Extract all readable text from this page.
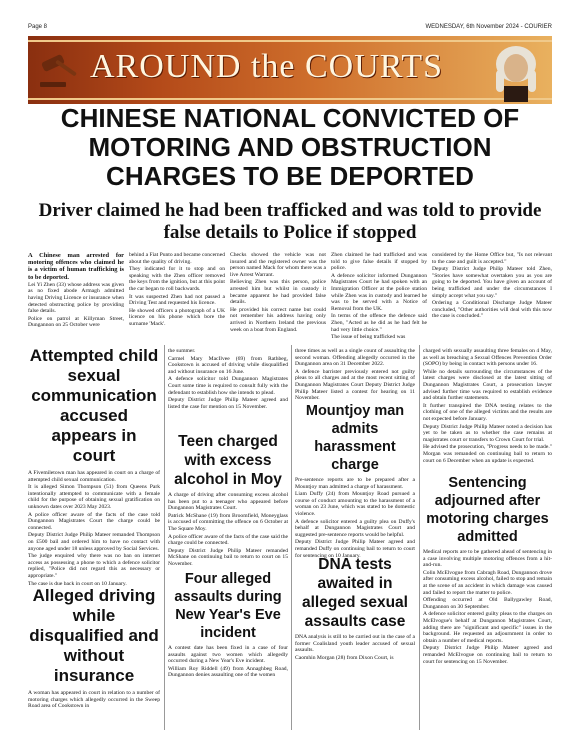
Page 8	WEDNESDAY, 6th November 2024 - COURIER
AROUND the COURTS
CHINESE NATIONAL CONVICTED OF MOTORING AND OBSTRUCTION CHARGES TO BE DEPORTED
Driver claimed he had been trafficked and was told to provide false details to Police if stopped

A Chinese man arrested for motoring offences who claimed he is a victim of human trafficking is to be deported.

Lei Yi Zhen (33) whose address was given as no fixed abode Armagh admitted having Driving Licence or insurance when detected obstructing police by providing false details.

Police on patrol at Killyman Street, Dungannon on 25 October were

behind a Fiat Punto and became concerned about the quality of driving.

They indicated for it to stop and on speaking with the Zhen officer removed the keys from the ignition, but at this point the car began to roll backwards.

It was suspected Zhen had not passed a Driving Test and requested his licence.

He showed officers a photograph of a UK licence on his phone which bore the surname 'Mack'.

Checks showed the vehicle was not insured and the registered owner was the person named Mack for whom there was a live Arrest Warrant.

Believing Zhen was this person, police arrested him but whilst in custody it became apparent he had provided false details.

He provided his correct name but could not remember his address having only arrived in Northern Ireland the previous week on a boat from England.

Zhen claimed he had trafficked and was told to give false details if stopped by police.

A defence solicitor informed Dungannon Magistrates Court he had spoken with an Immigration Officer at the police station while Zhen was in custody and learned he was to be served with a Notice of Removal from the UK.

In terms of the offence the defence said Zhen, "Acted as he did as he had felt he had very little choice."

The issue of being trafficked was

considered by the Home Office but, "Is not relevant to the case and guilt is accepted."

Deputy District Judge Philip Mateer told Zhen, "Stories have somewhat overtaken you as you are going to be deported. You have given an account of being trafficked and under the circumstances I simply accept what you say."

Ordering a Conditional Discharge Judge Mateer concluded, "Other authorities will deal with this now the case is concluded."

Attempted child sexual communication accused appears in court

A Fivemiletown man has appeared in court on a charge of attempted child sexual communication.

It is alleged Simon Thompson (51) from Queens Park intentionally attempted to communicate with a female child for the purpose of obtaining sexual gratification on unknown dates over 2023 May 2023.

A police officer aware of the facts of the case told Dungannon Magistrates Court the charge could be connected.

Deputy District Judge Philip Mateer remanded Thompson on £500 bail and ordered him to have no contact with anyone aged under 18 unless approved by Social Services.

The judge enquired why there was no ban on internet access as possessing a phone to which a defence solicitor replied, "Police did not regard this as necessary or appropriate."

The case is due back in court on 10 January.

Alleged driving while disqualified and without insurance

A woman has appeared in court in relation to a number of motoring charges which allegedly occurred in the Sweep Road area of Cookstown in

the summer.

Carmel Mary MacIlvee (69) from Rathbeg, Cookstown is accused of driving while disqualified and without insurance on 16 June.

A defence solicitor told Dungannon Magistrates Court some time is required to consult fully with the defendant to establish how she intends to plead.

Deputy District Judge Philip Mateer agreed and listed the case for mention on 15 November.

Teen charged with excess alcohol in Moy

A charge of driving after consuming excess alcohol has been put to a teenager who appeared before Dungannon Magistrates Court.

Patrick McShane (19) from Broomfield, Moneyglass is accused of committing the offence on 6 October at The Square Moy.

A police officer aware of the facts of the case said the charge could be connected.

Deputy District Judge Philip Mateer remanded McShane on continuing bail to return to court on 15 November.

Four alleged assaults during New Year's Eve incident

A contest date has been fixed in a case of four assaults against two women which allegedly occurred during a New Year's Eve incident.

William Roy Riddell (49) from Annaghbeg Road, Dungannon denies assaulting one of the women

three times as well as a single count of assaulting the second woman. Offending allegedly occurred in the Dungannon area on 31 December 2022.

A defence barrister previously entered not guilty pleas to all charges and at the most recent sitting of Dungannon Magistrates Court Deputy District Judge Philip Mateer listed a contest for hearing on 11 November.

Mountjoy man admits harassment charge

Pre-sentence reports are to be prepared after a Mountjoy man admitted a charge of harassment.

Liam Duffy (24) from Mountjoy Road pursued a course of conduct amounting to the harassment of a woman on 23 June, which was stated to be domestic violence.

A defence solicitor entered a guilty plea on Duffy's behalf at Dungannon Magistrates Court and suggested pre-sentence reports would be helpful.

Deputy District Judge Philip Mateer agreed and remanded Duffy on continuing bail to return to court for sentencing on 10 January.

DNA tests awaited in alleged sexual assaults case

DNA analysis is still to be carried out in the case of a former Coalisland youth leader accused of sexual assaults.

Caomhin Morgan (28) from Dixon Court, is

charged with sexually assaulting three females on 4 May, as well as breaching a Sexual Offences Prevention Order (SOPO) by being in contact with persons under 16.

While no details surrounding the circumstances of the latest charges were disclosed at the latest sitting of Dungannon Magistrates Court, a prosecution lawyer advised further time was required to establish evidence and obtain further statements.

It further transpired the DNA testing relates to the clothing of one of the alleged victims and the results are not expected before January.

Deputy District Judge Philip Mateer noted a decision has yet to be taken as to whether the case remains at magistrates court or transfers to Crown Court for trial.

He advised the prosecution, "Progress needs to be made." Morgan was remanded on continuing bail to return to court on 6 December when an update is expected.

Sentencing adjourned after motoring charges admitted

Medical reports are to be gathered ahead of sentencing in a case involving multiple motoring offences from a hit-and-run.

Colin McElvogue from Cabragh Road, Dungannon drove after consuming excess alcohol, failed to stop and remain at the scene of an accident in which damage was caused and failed to report the matter to police.

Offending occurred at Old Ballygawley Road, Dungannon on 30 September.

A defence solicitor entered guilty pleas to the charges on McElvogue's behalf at Dungannon Magistrates Court, adding there are "significant and specific" issues in the background. He requested an adjournment in order to obtain a number of medical reports.

Deputy District Judge Philip Mateer agreed and remanded McElvogue on continuing bail to return to court for sentencing on 15 November.
